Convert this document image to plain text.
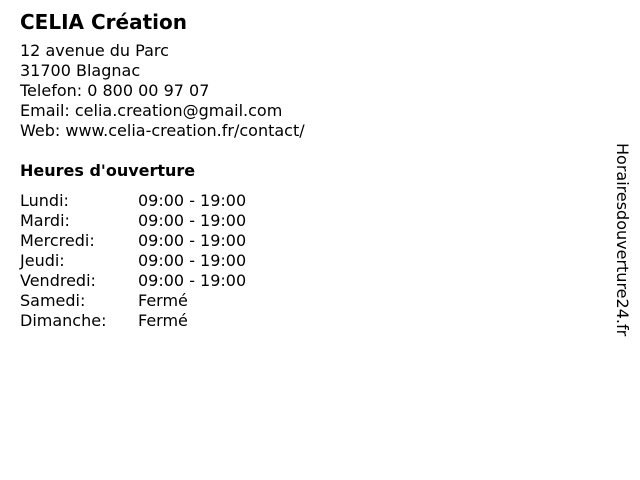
CELIA Création
12 avenue du Parc
31700 Blagnac
Telefon: 0 800 00 97 07
Email: celia.creation@gmail.com
Web: www.celia-creation.fr/contact/
Heures d'ouverture
Lundi:	09:00 - 19:00
Mardi:	09:00 - 19:00
Mercredi:	09:00 - 19:00
Jeudi:	09:00 - 19:00
Vendredi:	09:00 - 19:00
Samedi:	Fermé
Dimanche:	Fermé	Horairesdouverture24.fr
